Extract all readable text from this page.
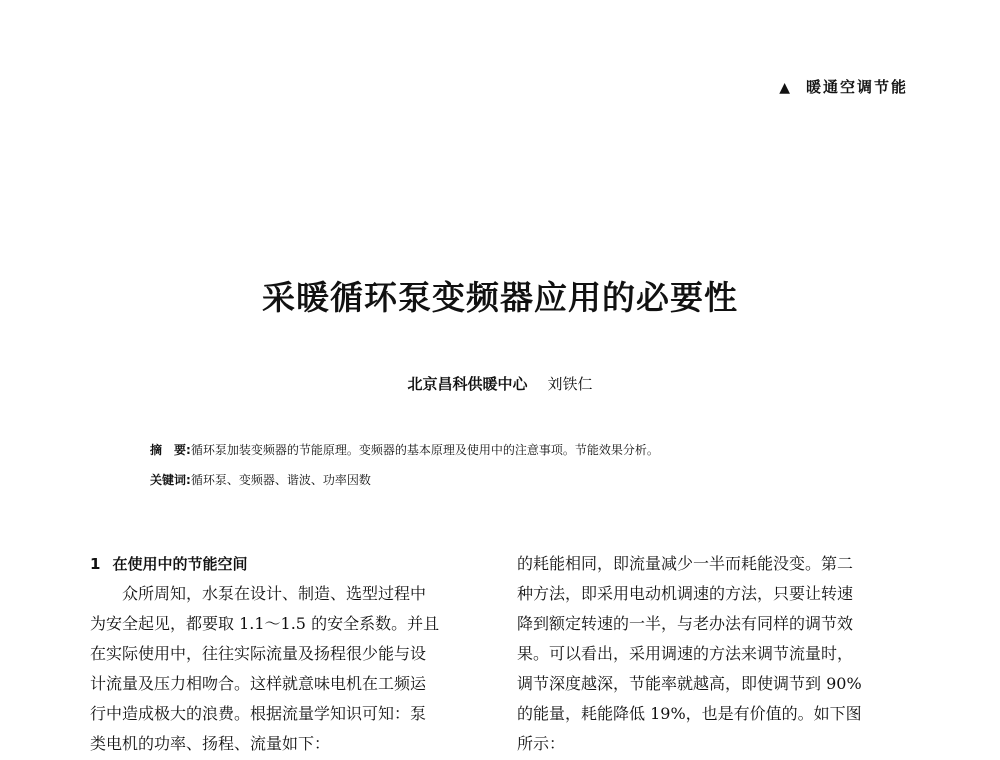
▲ 暖通空调节能
采暖循环泵变频器应用的必要性
北京昌科供暖中心 刘铁仁
摘　要:循环泵加装变频器的节能原理。变频器的基本原理及使用中的注意事项。节能效果分析。
关键词:循环泵、变频器、谐波、功率因数
1 在使用中的节能空间
众所周知，水泵在设计、制造、选型过程中
为安全起见，都要取 1.1～1.5 的安全系数。并且
在实际使用中，往往实际流量及扬程很少能与设
计流量及压力相吻合。这样就意味电机在工频运
行中造成极大的浪费。根据流量学知识可知：泵
类电机的功率、扬程、流量如下：
的耗能相同，即流量减少一半而耗能没变。第二
种方法，即采用电动机调速的方法，只要让转速
降到额定转速的一半，与老办法有同样的调节效
果。可以看出，采用调速的方法来调节流量时，
调节深度越深，节能率就越高，即使调节到 90%
的能量，耗能降低 19%，也是有价值的。如下图
所示：
